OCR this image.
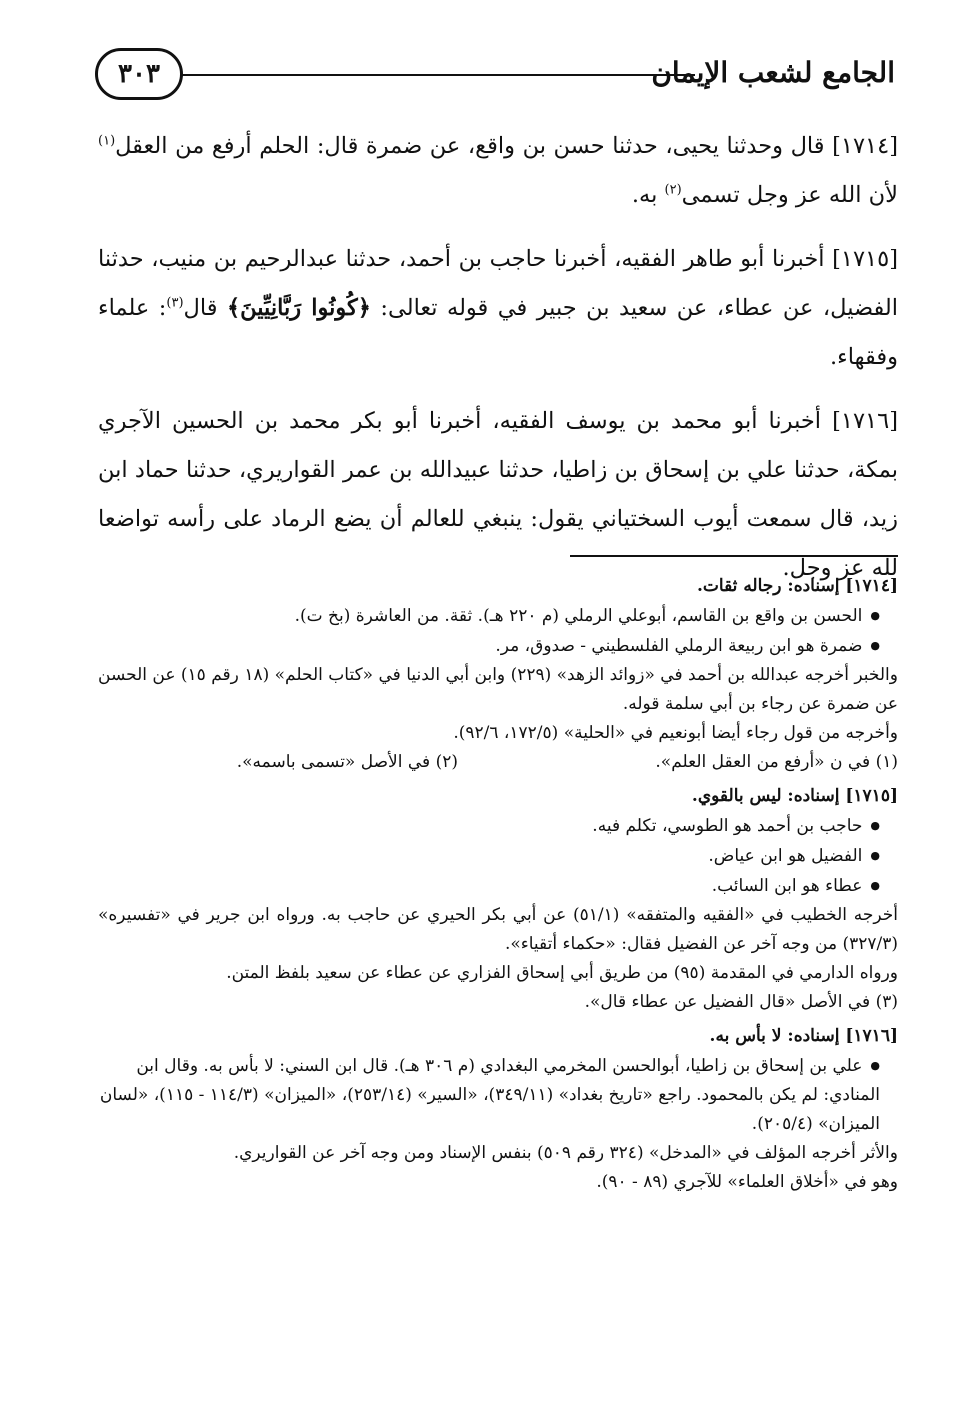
٣٠٣	الجامع لشعب الإيمان

[١٧١٤] قال وحدثنا يحيى، حدثنا حسن بن واقع، عن ضمرة قال: الحلم أرفع من العقل$^{(١)}$ لأن الله عز وجل تسمى$^{(٢)}$ به.

[١٧١٥] أخبرنا أبو طاهر الفقيه، أخبرنا حاجب بن أحمد، حدثنا عبدالرحيم بن منيب، حدثنا الفضيل، عن عطاء، عن سعيد بن جبير في قوله تعالى: ﴿كُونُوا رَبَّانِيِّينَ﴾ قال$^{(٣)}$: علماء وفقهاء.

[١٧١٦] أخبرنا أبو محمد بن يوسف الفقيه، أخبرنا أبو بكر محمد بن الحسين الآجري بمكة، حدثنا علي بن إسحاق بن زاطيا، حدثنا عبيدالله بن عمر القواريري، حدثنا حماد ابن زيد، قال سمعت أيوب السختياني يقول: ينبغي للعالم أن يضع الرماد على رأسه تواضعا لله عز وجل.

[١٧١٤] إسناده: رجاله ثقات.

● الحسن بن واقع بن القاسم، أبوعلي الرملي (م ٢٢٠ هـ). ثقة. من العاشرة (بخ ت).

● ضمرة هو ابن ربيعة الرملي الفلسطيني - صدوق، مر.

والخبر أخرجه عبدالله بن أحمد في «زوائد الزهد» (٢٢٩) وابن أبي الدنيا في «كتاب الحلم» (١٨ رقم ١٥) عن الحسن عن ضمرة عن رجاء بن أبي سلمة قوله.

وأخرجه من قول رجاء أيضا أبونعيم في «الحلية» (١٧٢/٥، ٩٢/٦).

(١) في ن «أرفع من العقل العلم».
(٢) في الأصل «تسمى باسمه».

[١٧١٥] إسناده: ليس بالقوي.

● حاجب بن أحمد هو الطوسي، تكلم فيه.

● الفضيل هو ابن عياض.

● عطاء هو ابن السائب.

أخرجه الخطيب في «الفقيه والمتفقه» (٥١/١) عن أبي بكر الحيري عن حاجب به. ورواه ابن جرير في «تفسيره» (٣٢٧/٣) من وجه آخر عن الفضيل فقال: «حكماء أتقياء».

ورواه الدارمي في المقدمة (٩٥) من طريق أبي إسحاق الفزاري عن عطاء عن سعيد بلفظ المتن.

(٣) في الأصل «قال الفضيل عن عطاء قال».

[١٧١٦] إسناده: لا بأس به.

● علي بن إسحاق بن زاطيا، أبوالحسن المخرمي البغدادي (م ٣٠٦ هـ). قال ابن السني: لا بأس به. وقال ابن المنادي: لم يكن بالمحمود. راجع «تاريخ بغداد» (٣٤٩/١١)، «السير» (٢٥٣/١٤)، «الميزان» (١١٤/٣ - ١١٥)، «لسان الميزان» (٢٠٥/٤).

والأثر أخرجه المؤلف في «المدخل» (٣٢٤ رقم ٥٠٩) بنفس الإسناد ومن وجه آخر عن القواريري.

وهو في «أخلاق العلماء» للآجري (٨٩ - ٩٠).
